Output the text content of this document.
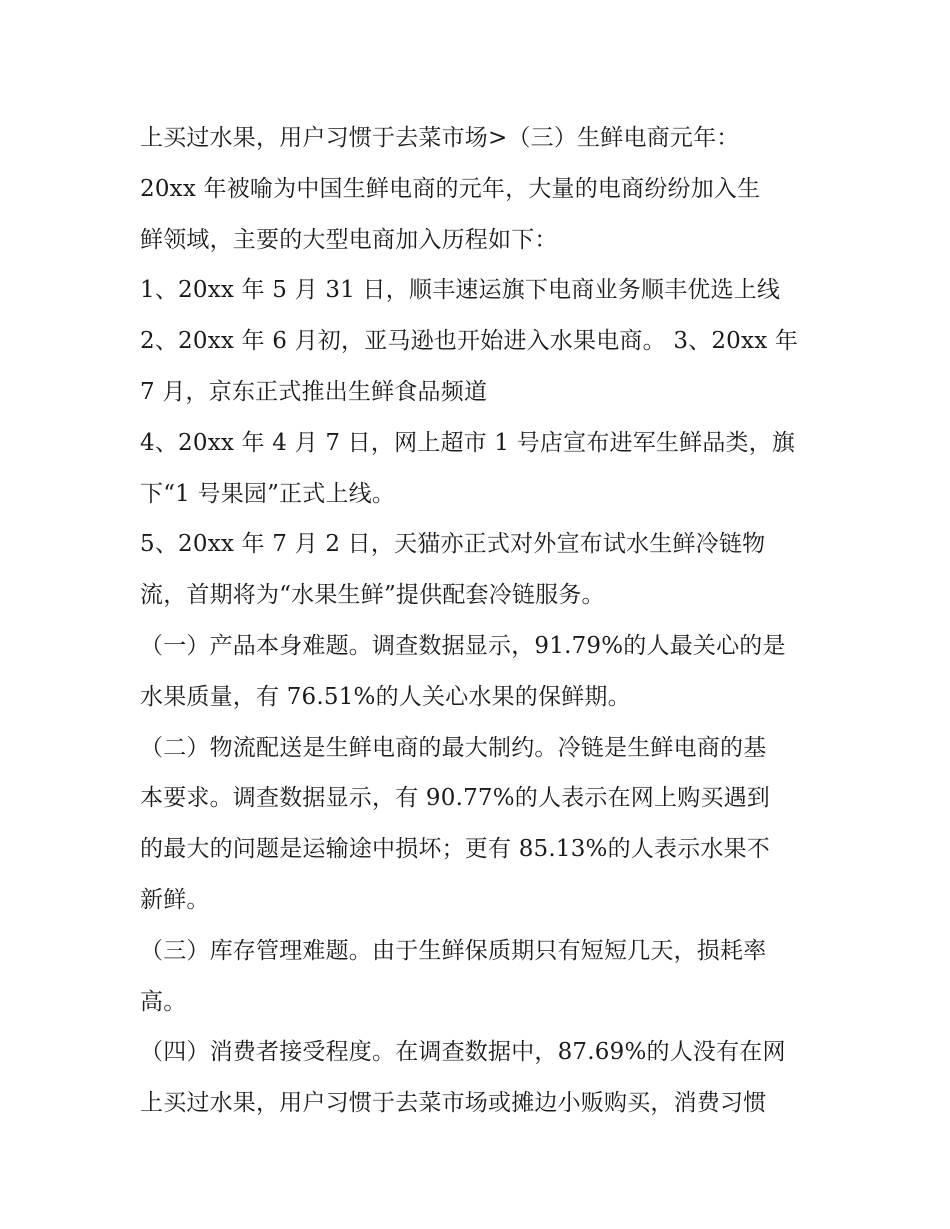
上买过水果，用户习惯于去菜市场>（三）生鲜电商元年：
20xx 年被喻为中国生鲜电商的元年，大量的电商纷纷加入生
鲜领域，主要的大型电商加入历程如下：
1、20xx 年 5 月 31 日，顺丰速运旗下电商业务顺丰优选上线
2、20xx 年 6 月初，亚马逊也开始进入水果电商。 3、20xx 年
7 月，京东正式推出生鲜食品频道
4、20xx 年 4 月 7 日，网上超市 1 号店宣布进军生鲜品类，旗
下“1 号果园”正式上线。
5、20xx 年 7 月 2 日，天猫亦正式对外宣布试水生鲜冷链物
流，首期将为“水果生鲜”提供配套冷链服务。
（一）产品本身难题。调查数据显示，91.79%的人最关心的是
水果质量，有 76.51%的人关心水果的保鲜期。
（二）物流配送是生鲜电商的最大制约。冷链是生鲜电商的基
本要求。调查数据显示，有 90.77%的人表示在网上购买遇到
的最大的问题是运输途中损坏；更有 85.13%的人表示水果不
新鲜。
（三）库存管理难题。由于生鲜保质期只有短短几天，损耗率
高。
（四）消费者接受程度。在调查数据中，87.69%的人没有在网
上买过水果，用户习惯于去菜市场或摊边小贩购买，消费习惯
